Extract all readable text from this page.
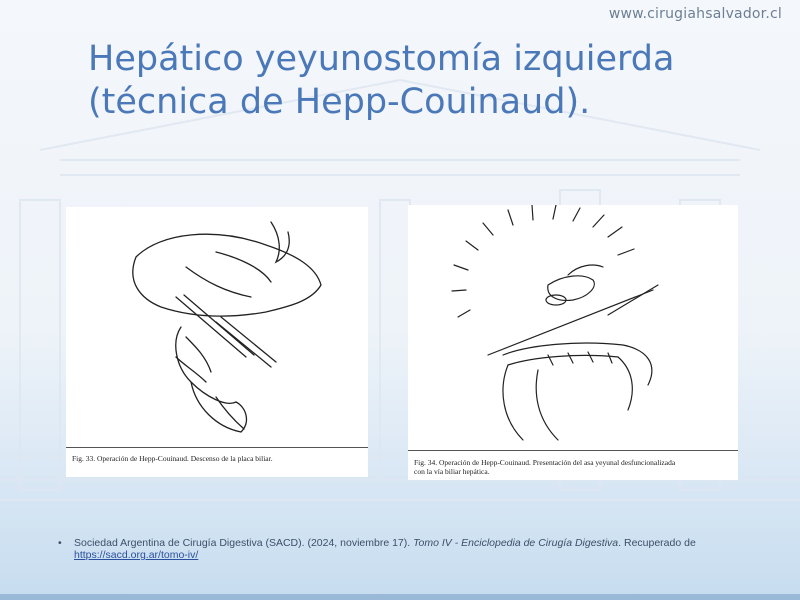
www.cirugiahsalvador.cl
Hepático yeyunostomía izquierda
(técnica de Hepp-Couinaud).
Fig. 33. Operación de Hepp-Couinaud. Descenso de la placa biliar.	Fig. 34. Operación de Hepp-Couinaud. Presentación del asa yeyunal desfuncionalizada
con la vía biliar hepática.
• Sociedad Argentina de Cirugía Digestiva (SACD). (2024, noviembre 17). Tomo IV - Enciclopedia de Cirugía Digestiva. Recuperado de https://sacd.org.ar/tomo-iv/
